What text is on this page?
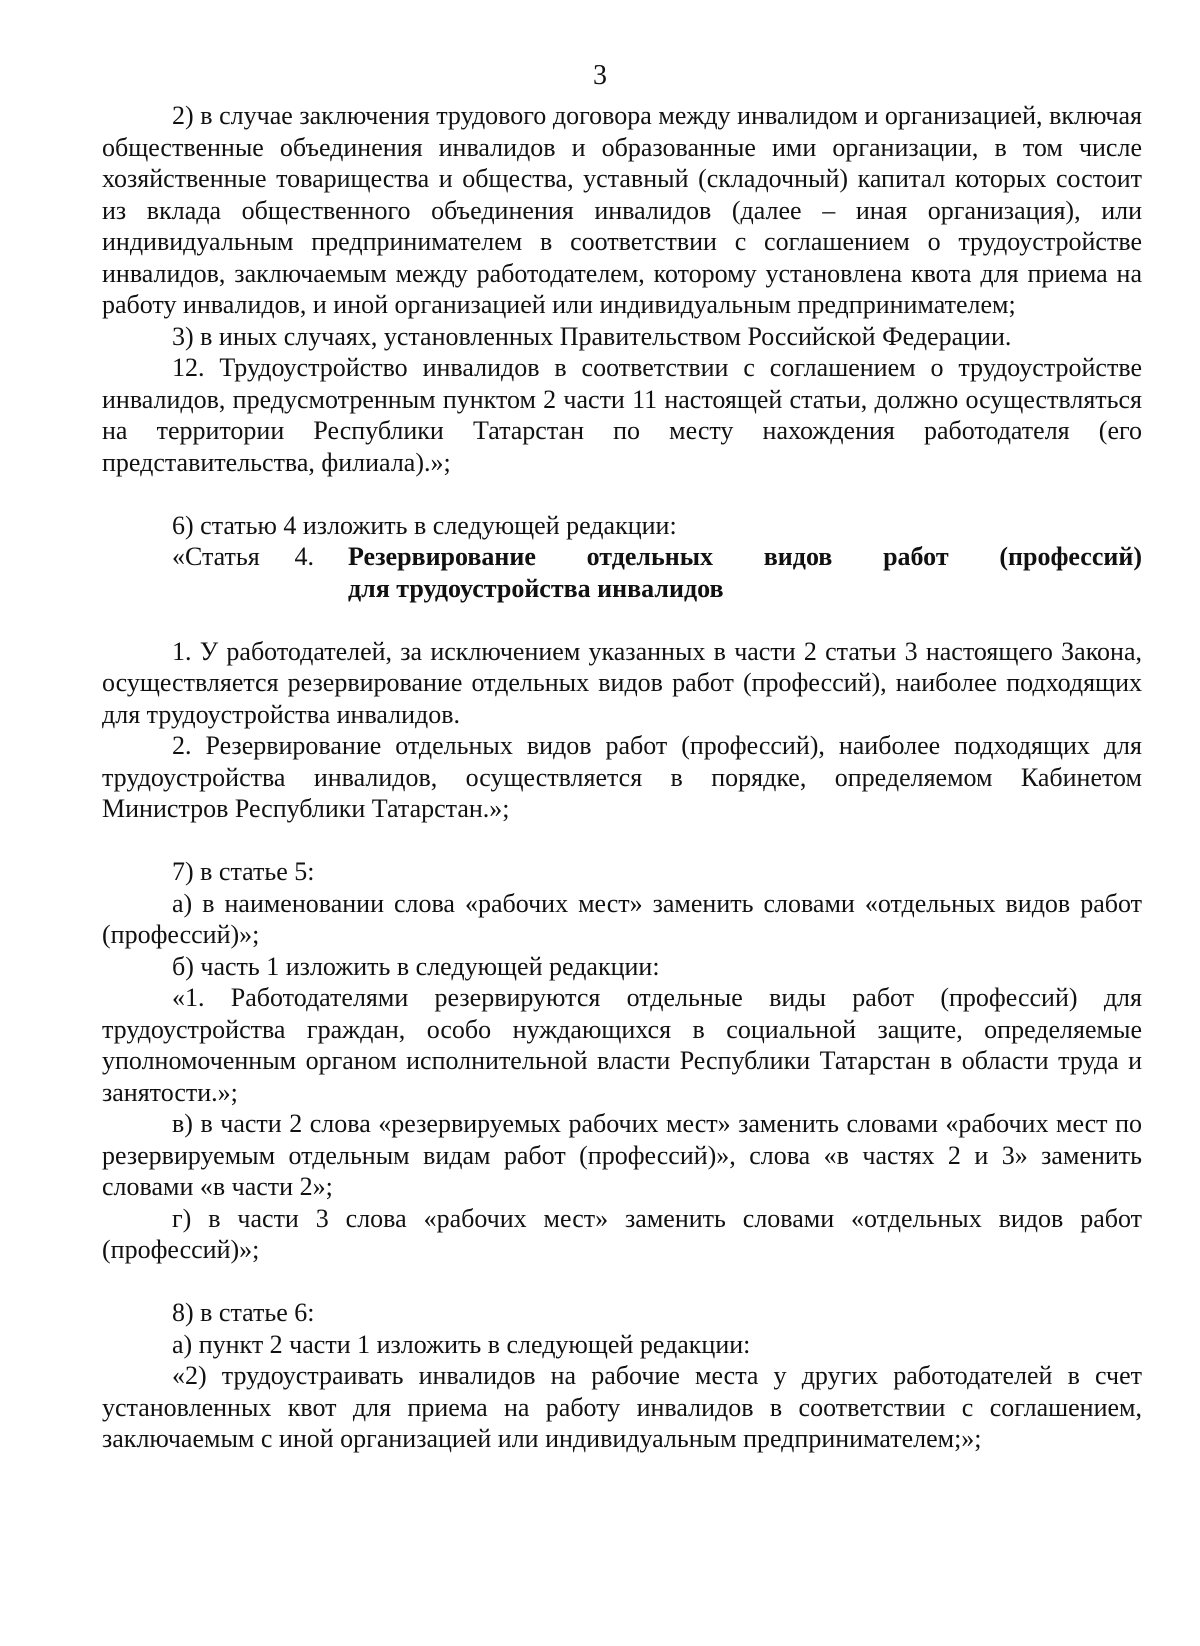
3

2) в случае заключения трудового договора между инвалидом и организацией, включая общественные объединения инвалидов и образованные ими организации, в том числе хозяйственные товарищества и общества, уставный (складочный) капитал которых состоит из вклада общественного объединения инвалидов (далее – иная организация), или индивидуальным предпринимателем в соответствии с соглашением о трудоустройстве инвалидов, заключаемым между работодателем, которому установлена квота для приема на работу инвалидов, и иной организацией или индивидуальным предпринимателем;

3) в иных случаях, установленных Правительством Российской Федерации.

12. Трудоустройство инвалидов в соответствии с соглашением о трудоустройстве инвалидов, предусмотренным пунктом 2 части 11 настоящей статьи, должно осуществляться на территории Республики Татарстан по месту нахождения работодателя (его представительства, филиала).»;

6) статью 4 изложить в следующей редакции:

«Статья 4. Резервирование отдельных видов работ (профессий)
для трудоустройства инвалидов

1. У работодателей, за исключением указанных в части 2 статьи 3 настоящего Закона, осуществляется резервирование отдельных видов работ (профессий), наиболее подходящих для трудоустройства инвалидов.

2. Резервирование отдельных видов работ (профессий), наиболее подходящих для трудоустройства инвалидов, осуществляется в порядке, определяемом Кабинетом Министров Республики Татарстан.»;

7) в статье 5:

а) в наименовании слова «рабочих мест» заменить словами «отдельных видов работ (профессий)»;

б) часть 1 изложить в следующей редакции:

«1. Работодателями резервируются отдельные виды работ (профессий) для трудоустройства граждан, особо нуждающихся в социальной защите, определяемые уполномоченным органом исполнительной власти Республики Татарстан в области труда и занятости.»;

в) в части 2 слова «резервируемых рабочих мест» заменить словами «рабочих мест по резервируемым отдельным видам работ (профессий)», слова «в частях 2 и 3» заменить словами «в части 2»;

г) в части 3 слова «рабочих мест» заменить словами «отдельных видов работ (профессий)»;

8) в статье 6:

а) пункт 2 части 1 изложить в следующей редакции:

«2) трудоустраивать инвалидов на рабочие места у других работодателей в счет установленных квот для приема на работу инвалидов в соответствии с соглашением, заключаемым с иной организацией или индивидуальным предпринимателем;»;
